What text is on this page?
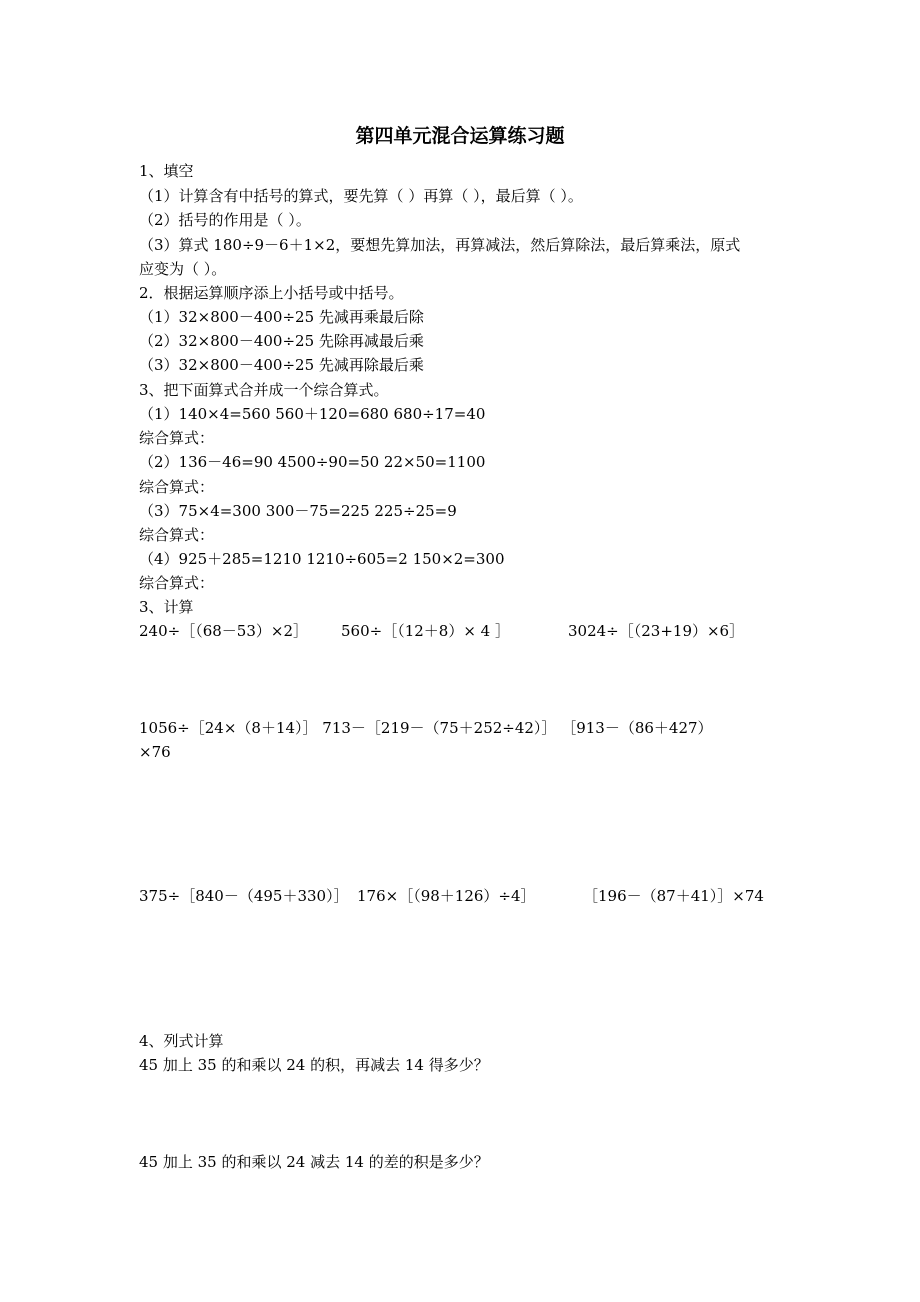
第四单元混合运算练习题
1、填空
（1）计算含有中括号的算式，要先算（ ）再算（ ），最后算（ ）。
（2）括号的作用是（ ）。
（3）算式 180÷9－6＋1×2，要想先算加法，再算减法，然后算除法，最后算乘法，原式
应变为（ ）。
2．根据运算顺序添上小括号或中括号。
（1）32×800－400÷25 先减再乘最后除
（2）32×800－400÷25 先除再减最后乘
（3）32×800－400÷25 先减再除最后乘
3、把下面算式合并成一个综合算式。
（1）140×4=560 560＋120=680 680÷17=40
综合算式：
（2）136－46=90 4500÷90=50 22×50=1100
综合算式：
（3）75×4=300 300－75=225 225÷25=9
综合算式：
（4）925＋285=1210 1210÷605=2 150×2=300
综合算式：
3、计算
240÷［（68－53）×2］ 560÷［（12＋8）× 4 ］	3024÷［（23+19）×6］
1056÷［24×（8＋14）］ 713－［219－（75＋252÷42）］ ［913－（86＋427）
×76
375÷［840－（495＋330）］ 176×［（98＋126）÷4］	［196－（87＋41）］×74
4、列式计算
45 加上 35 的和乘以 24 的积，再减去 14 得多少？
45 加上 35 的和乘以 24 减去 14 的差的积是多少？
